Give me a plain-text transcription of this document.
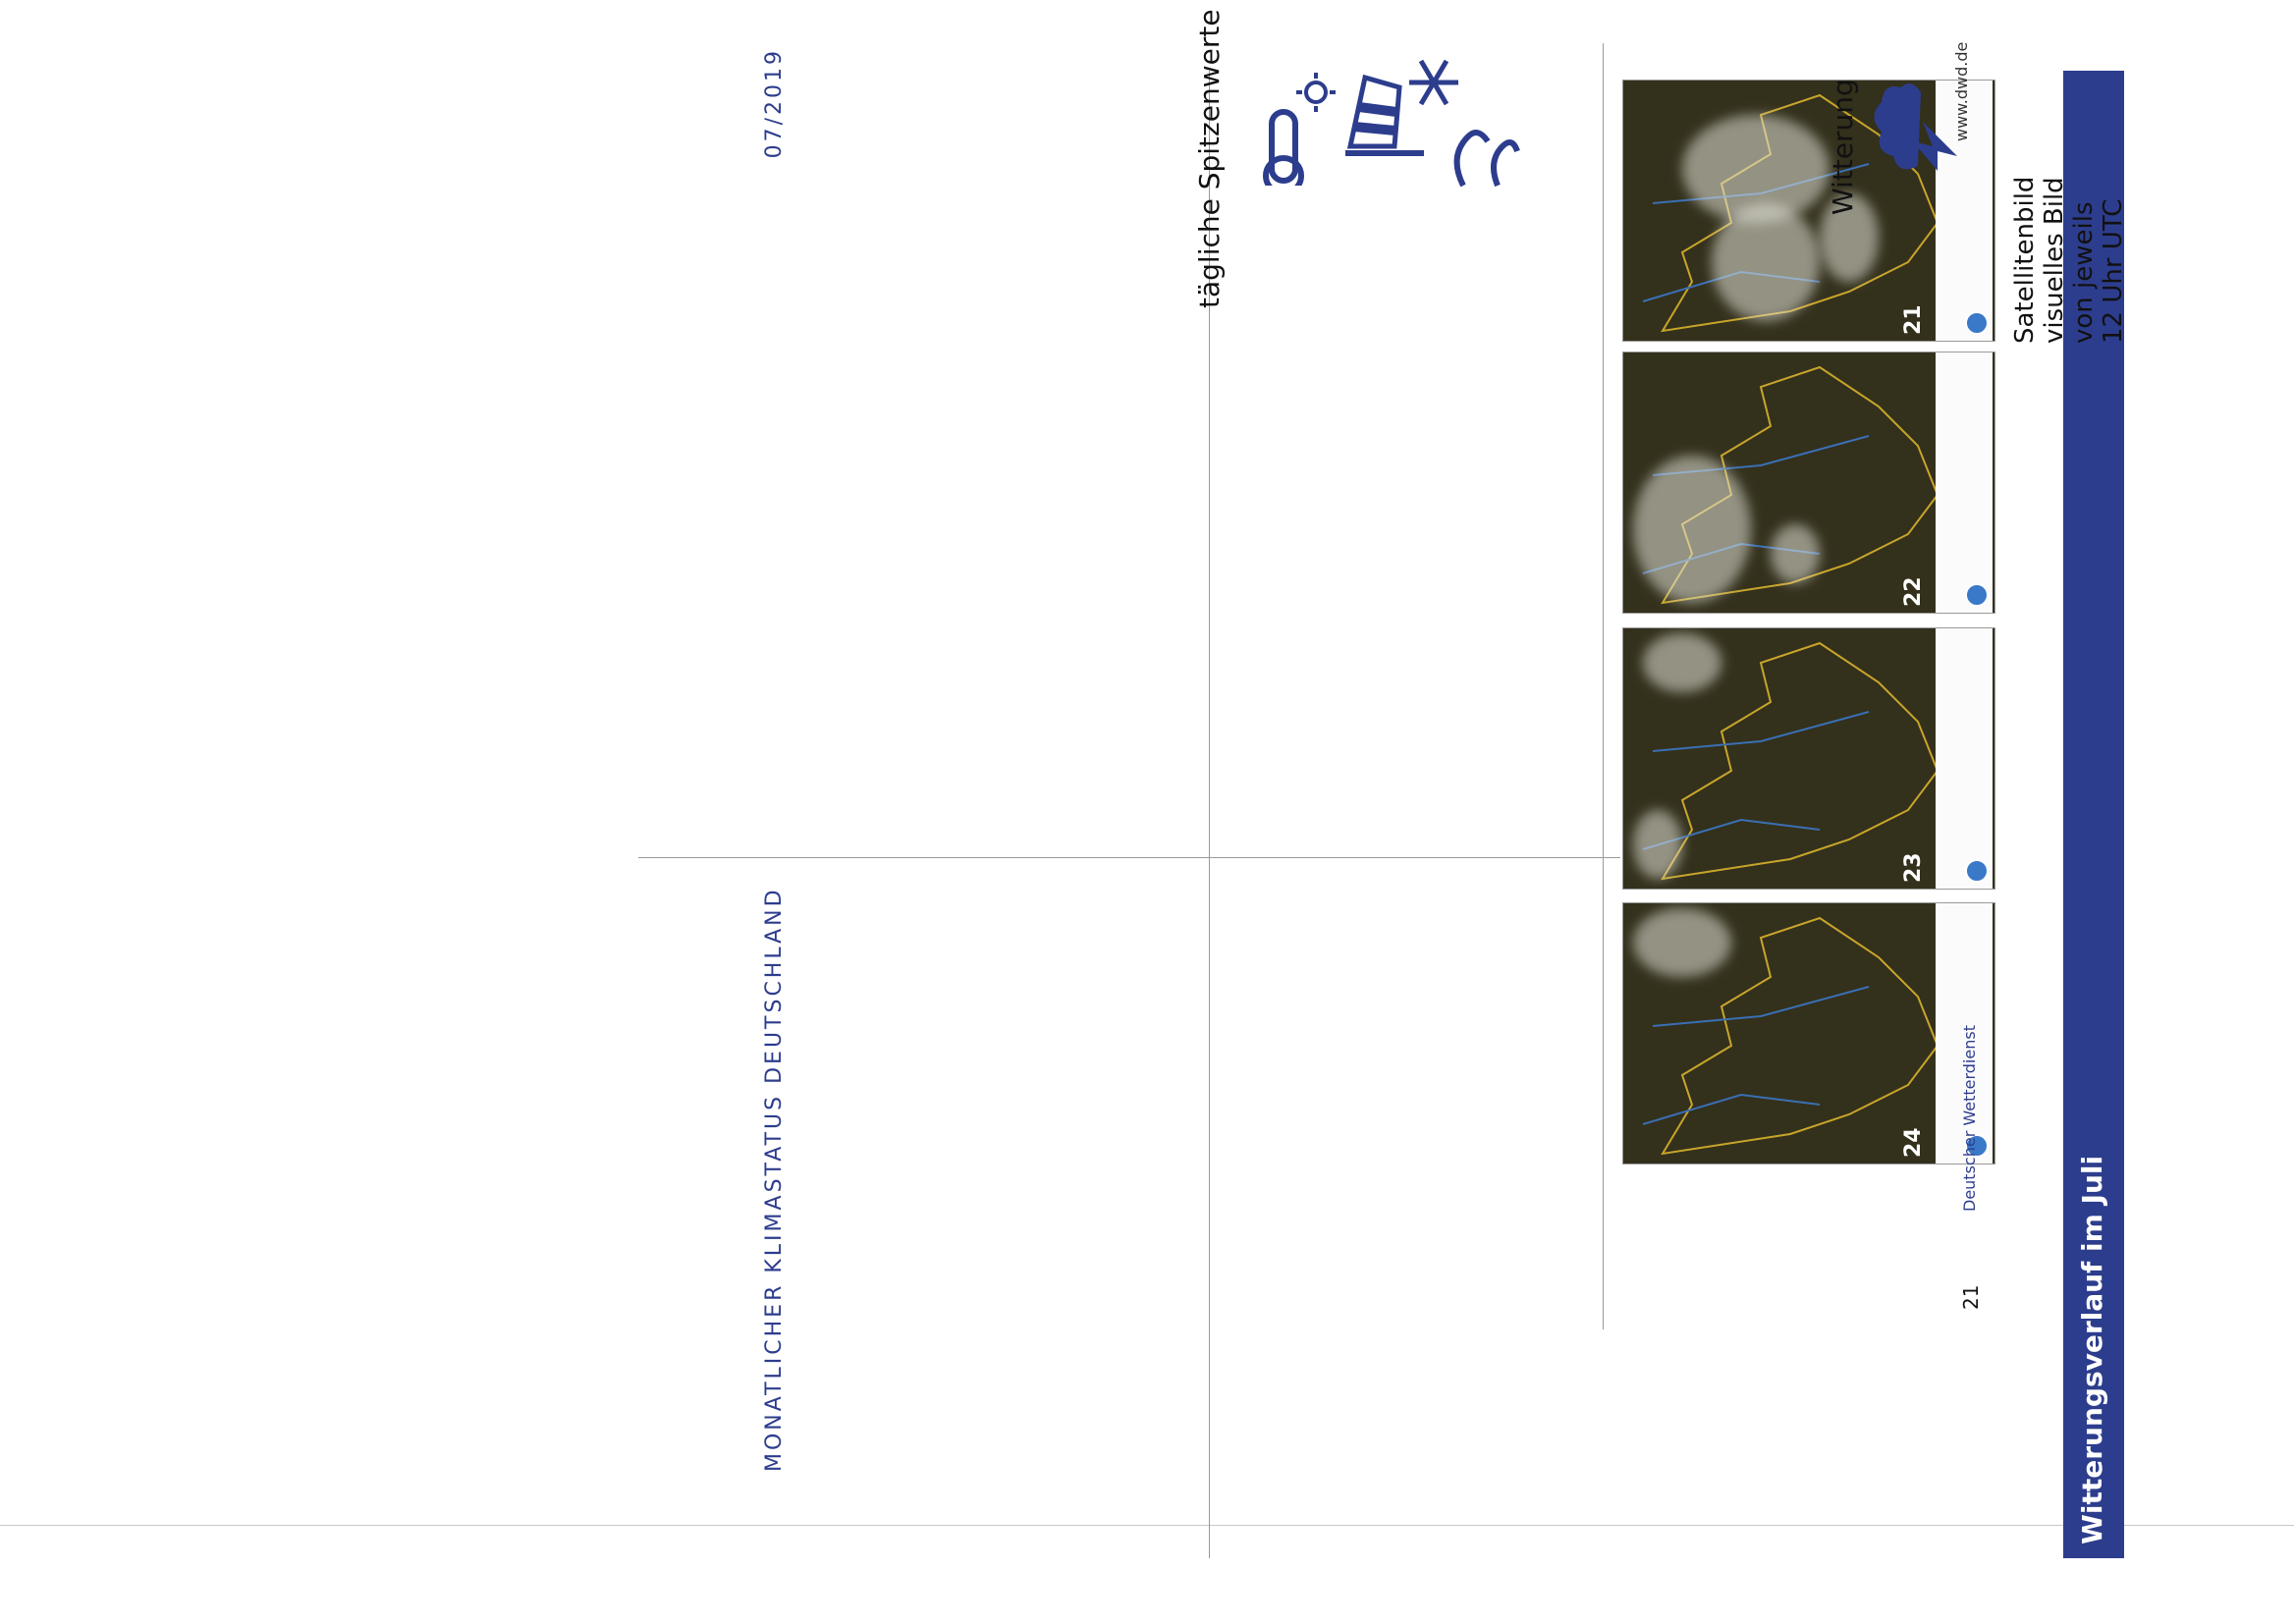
MONATLICHER KLIMASTATUS DEUTSCHLAND
07/2019
Witterungsverlauf im Juli
Satellitenbild visuelles Bild von jeweils 12 Uhr UTC
21
22
23
24
Witterung
tägliche Spitzenwerte	www.dwd.de
Deutscher Wetterdienst
21
